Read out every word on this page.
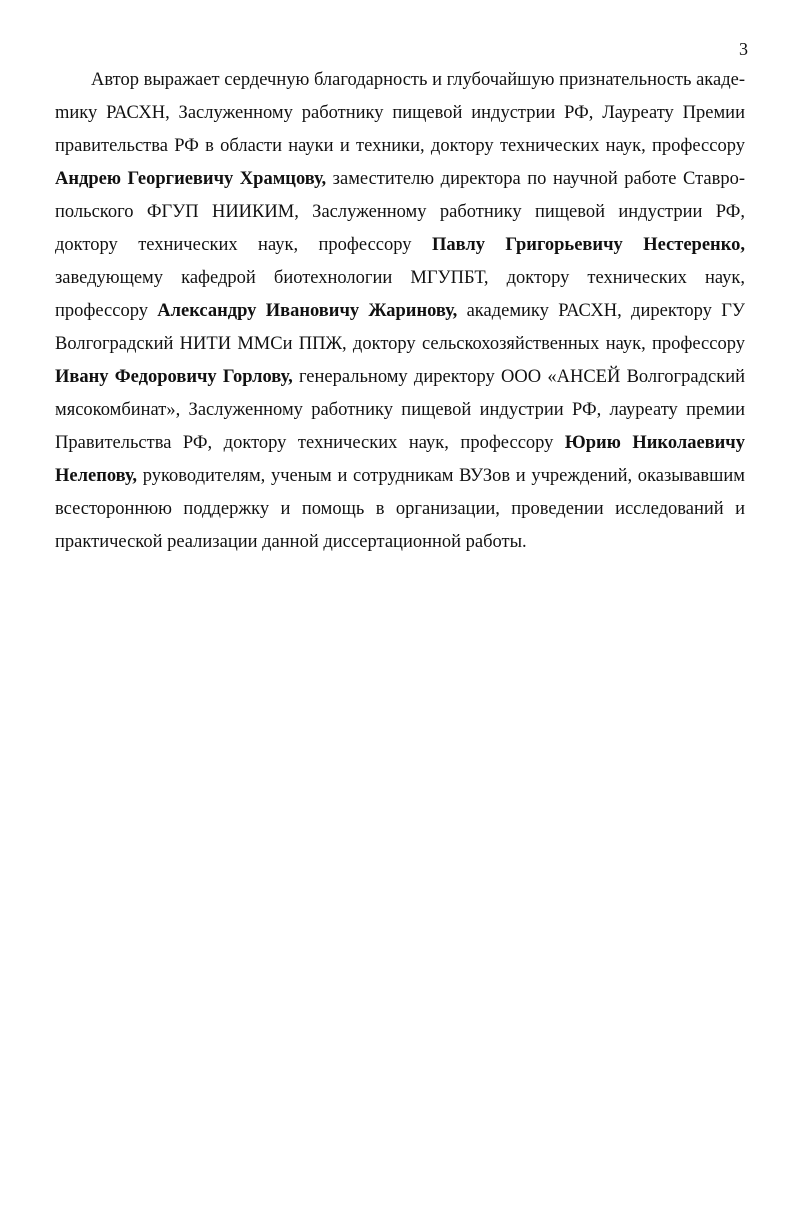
3

Автор выражает сердечную благодарность и глубочайшую признательность акадеmику РАСХН, Заслуженному работнику пищевой индустрии РФ, Лауреату Премии правительства РФ в области науки и техники, доктору технических наук, профессору Андрею Георгиевичу Храмцову, заместителю директора по научной работе Ставропольского ФГУП НИИКИМ, Заслуженному работнику пищевой индустрии РФ, доктору технических наук, профессору Павлу Григорьевичу Нестеренко, заведующему кафедрой биотехнологии МГУПБТ, доктору технических наук, профессору Александру Ивановичу Жаринову, академику РАСХН, директору ГУ Волгоградский НИТИ ММСи ППЖ, доктору сельскохозяйственных наук, профессору Ивану Федоровичу Горлову, генеральному директору ООО «АНСЕЙ Волгоградский мясокомбинат», Заслуженному работнику пищевой индустрии РФ, лауреату премии Правительства РФ, доктору технических наук, профессору Юрию Николаевичу Нелепову, руководителям, ученым и сотрудникам ВУЗов и учреждений, оказывавшим всестороннюю поддержку и помощь в организации, проведении исследований и практической реализации данной диссертационной работы.
